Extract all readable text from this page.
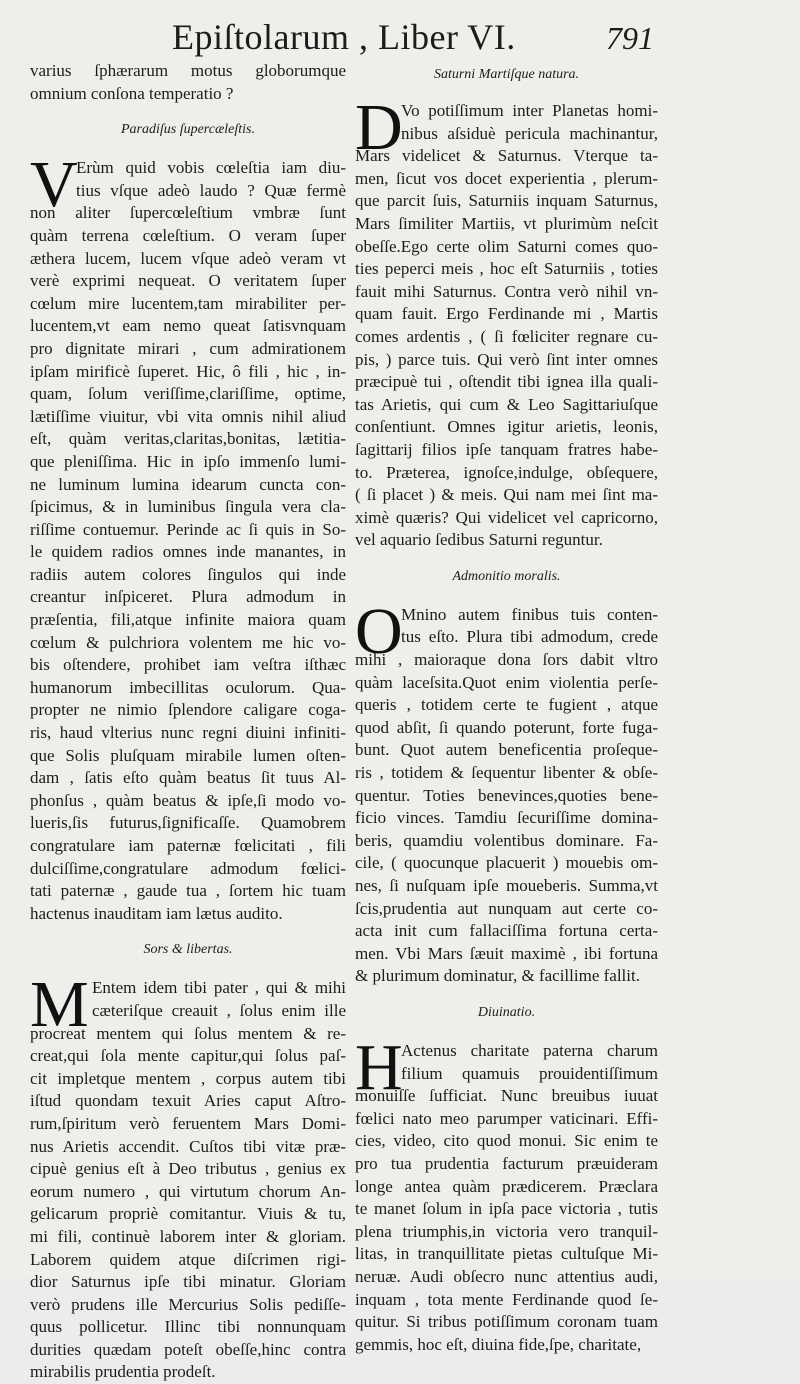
Epiſtolarum , Liber VI.	791
varius ſphærarum motus globorumque
omnium conſona temperatio ?
Paradiſus ſupercæleſtis.
V
Erùm quid vobis cœleſtia iam diu-
tius vſque adeò laudo ? Quæ fermè
non aliter ſupercœleſtium vmbræ ſunt
quàm terrena cœleſtium. O veram ſuper
æthera lucem, lucem vſque adeò veram vt
verè exprimi nequeat. O veritatem ſuper
cœlum mire lucentem,tam mirabiliter per-
lucentem,vt eam nemo queat ſatisvnquam
pro dignitate mirari , cum admirationem
ipſam mirificè ſuperet. Hic, ô fili , hic , in-
quam, ſolum veriſſime,clariſſime, optime,
lætiſſime viuitur, vbi vita omnis nihil aliud
eſt, quàm veritas,claritas,bonitas, lætitia-
que pleniſſima. Hic in ipſo immenſo lumi-
ne luminum lumina idearum cuncta con-
ſpicimus, & in luminibus ſingula vera cla-
riſſime contuemur. Perinde ac ſi quis in So-
le quidem radios omnes inde manantes, in
radiis autem colores ſingulos qui inde
creantur inſpiceret. Plura admodum in
præſentia, fili,atque infinite maiora quam
cœlum & pulchriora volentem me hic vo-
bis oſtendere, prohibet iam veſtra iſthæc
humanorum imbecillitas oculorum. Qua-
propter ne nimio ſplendore caligare coga-
ris, haud vlterius nunc regni diuini infiniti-
que Solis pluſquam mirabile lumen oſten-
dam , ſatis eſto quàm beatus ſit tuus Al-
phonſus , quàm beatus & ipſe,ſi modo vo-
lueris,ſis futurus,ſignificaſſe. Quamobrem
congratulare iam paternæ fœlicitati , fili
dulciſſime,congratulare admodum fœlici-
tati paternæ , gaude tua , ſortem hic tuam
hactenus inauditam iam lætus audito.
Sors & libertas.
M Entem idem tibi pater , qui & mihi
cæteriſque creauit , ſolus enim ille
procreat mentem qui ſolus mentem & re-
creat,qui ſola mente capitur,qui ſolus paſ-
cit impletque mentem , corpus autem tibi
iſtud quondam texuit Aries caput Aſtro-
rum,ſpiritum verò feruentem Mars Domi-
nus Arietis accendit. Cuſtos tibi vitæ præ-
cipuè genius eſt à Deo tributus , genius ex
eorum numero , qui virtutum chorum An-
gelicarum propriè comitantur. Viuis & tu,
mi fili, continuè laborem inter & gloriam.
Laborem quidem atque diſcrimen rigi-
dior Saturnus ipſe tibi minatur. Gloriam
verò prudens ille Mercurius Solis pediſſe-
quus pollicetur. Illinc tibi nonnunquam
durities quædam poteſt obeſſe,hinc contra
mirabilis prudentia prodeſt.
Saturni Martiſque natura.
D
Vo potiſſimum inter Planetas homi-
nibus aſsiduè pericula machinantur,
Mars videlicet & Saturnus. Vterque ta-
men, ſicut vos docet experientia , plerum-
que parcit ſuis, Saturniis inquam Saturnus,
Mars ſimiliter Martiis, vt plurimùm neſcit
obeſſe.Ego certe olim Saturni comes quo-
ties peperci meis , hoc eſt Saturniis , toties
fauit mihi Saturnus. Contra verò nihil vn-
quam fauit. Ergo Ferdinande mi , Martis
comes ardentis , ( ſi fœliciter regnare cu-
pis, ) parce tuis. Qui verò ſint inter omnes
præcipuè tui , oſtendit tibi ignea illa quali-
tas Arietis, qui cum & Leo Sagittariuſque
conſentiunt. Omnes igitur arietis, leonis,
ſagittarij filios ipſe tanquam fratres habe-
to. Præterea, ignoſce,indulge, obſequere,
( ſi placet ) & meis. Qui nam mei ſint ma-
ximè quæris? Qui videlicet vel capricorno,
vel aquario ſedibus Saturni reguntur.
Admonitio moralis.
O
Mnino autem finibus tuis conten-
tus eſto. Plura tibi admodum, crede
mihi , maioraque dona ſors dabit vltro
quàm laceſsita.Quot enim violentia perſe-
queris , totidem certe te fugient , atque
quod abſit, ſi quando poterunt, forte fuga-
bunt. Quot autem beneficentia proſeque-
ris , totidem & ſequentur libenter & obſe-
quentur. Toties benevinces,quoties bene-
ficio vinces. Tamdiu ſecuriſſime domina-
beris, quamdiu volentibus dominare. Fa-
cile, ( quocunque placuerit ) mouebis om-
nes, ſi nuſquam ipſe moueberis. Summa,vt
ſcis,prudentia aut nunquam aut certe co-
acta init cum fallaciſſima fortuna certa-
men. Vbi Mars ſæuit maximè , ibi fortuna
& plurimum dominatur, & facillime fallit.
Diuinatio.
H
Actenus charitate paterna charum
filium quamuis prouidentiſſimum
monuiſſe ſufficiat. Nunc breuibus iuuat
fœlici nato meo parumper vaticinari. Effi-
cies, video, cito quod monui. Sic enim te
pro tua prudentia facturum præuideram
longe antea quàm prædicerem. Præclara
te manet ſolum in ipſa pace victoria , tutis
plena triumphis,in victoria vero tranquil-
litas, in tranquillitate pietas cultuſque Mi-
neruæ. Audi obſecro nunc attentius audi,
inquam , tota mente Ferdinande quod ſe-
quitur. Si tribus potiſſimum coronam tuam
gemmis, hoc eſt, diuina fide,ſpe, charitate,
